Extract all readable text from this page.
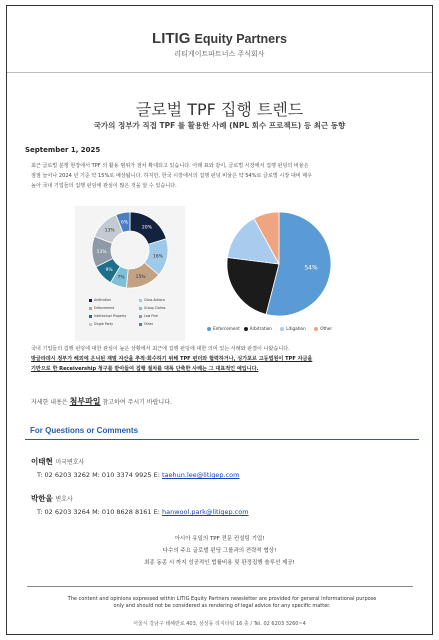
LITIG Equity Partners
리티게이트파트너스 주식회사
글로벌 TPF 집행 트렌드
국가의 정부가 직접 TPF 를 활용한 사례 (NPL 회수 프로젝트) 등 최근 동향
September 1, 2025
최근 글로벌 분쟁 현장에서 TPF 의 활용 범위가 점차 확대되고 있습니다. 아래 표와 같이, 글로벌 시장에서 집행 펀딩의 비율은
점점 늘어나 2024 년 기준 약 15%로 예상됩니다. 하지만, 한국 시장에서의 집행 펀딩 비율은 약 54%로 글로벌 시장 대비 매우
높아 국내 기업들의 집행 펀딩에 관심이 많은 것을 알 수 있습니다.
20%
16%
15%
7%
9%
13%
13%
6%
Arbitration	Class Actions
Enforcement	Group Claims
Intellectual Property	Law Firm
Single Party	Other
54%
Enforcement Arbitration	Litigation	Other
국내 기업들의 집행 펀딩에 대한 관심이 높은 상황에서 최근에 집행 펀딩에 대한 의미 있는 사례와 판결이 나왔습니다.
방글라데시 정부가 해외에 은닉된 재벌 자산을 추적·회수하기 위해 TPF 펀더와 협력하거나, 싱가포르 고등법원이 TPF 자금을
기반으로 한 Receivership 청구를 받아들여 집행 절차를 대폭 단축한 사례는 그 대표적인 예입니다.
자세한 내용은 첨부파일 참고하여 주시기 바랍니다.
For Questions or Comments
이태현 미국변호사
T: 02 6203 3262 M: 010 3374 9925 E: taehun.lee@litigep.com
박한울 변호사
T: 02 6203 3264 M: 010 8628 8161 E: hanwool.park@litigep.com
아시아 유일의 TPF 전문 컨설팅 기업!
다수의 주요 글로벌 펀딩 그룹과의 전략적 협상!
최종 동종 시 까지 성공적인 법률비용 및 판정집행 솔루션 제공!
The content and opinions expressed within LITIG Equity Partners newsletter are provided for general informational purpose only and should not be considered as rendering of legal advice for any specific matter.
서울시 강남구 테헤란로 403, 삼성동 리지타워 16 층 / Tel. 02 6203 3260~4
